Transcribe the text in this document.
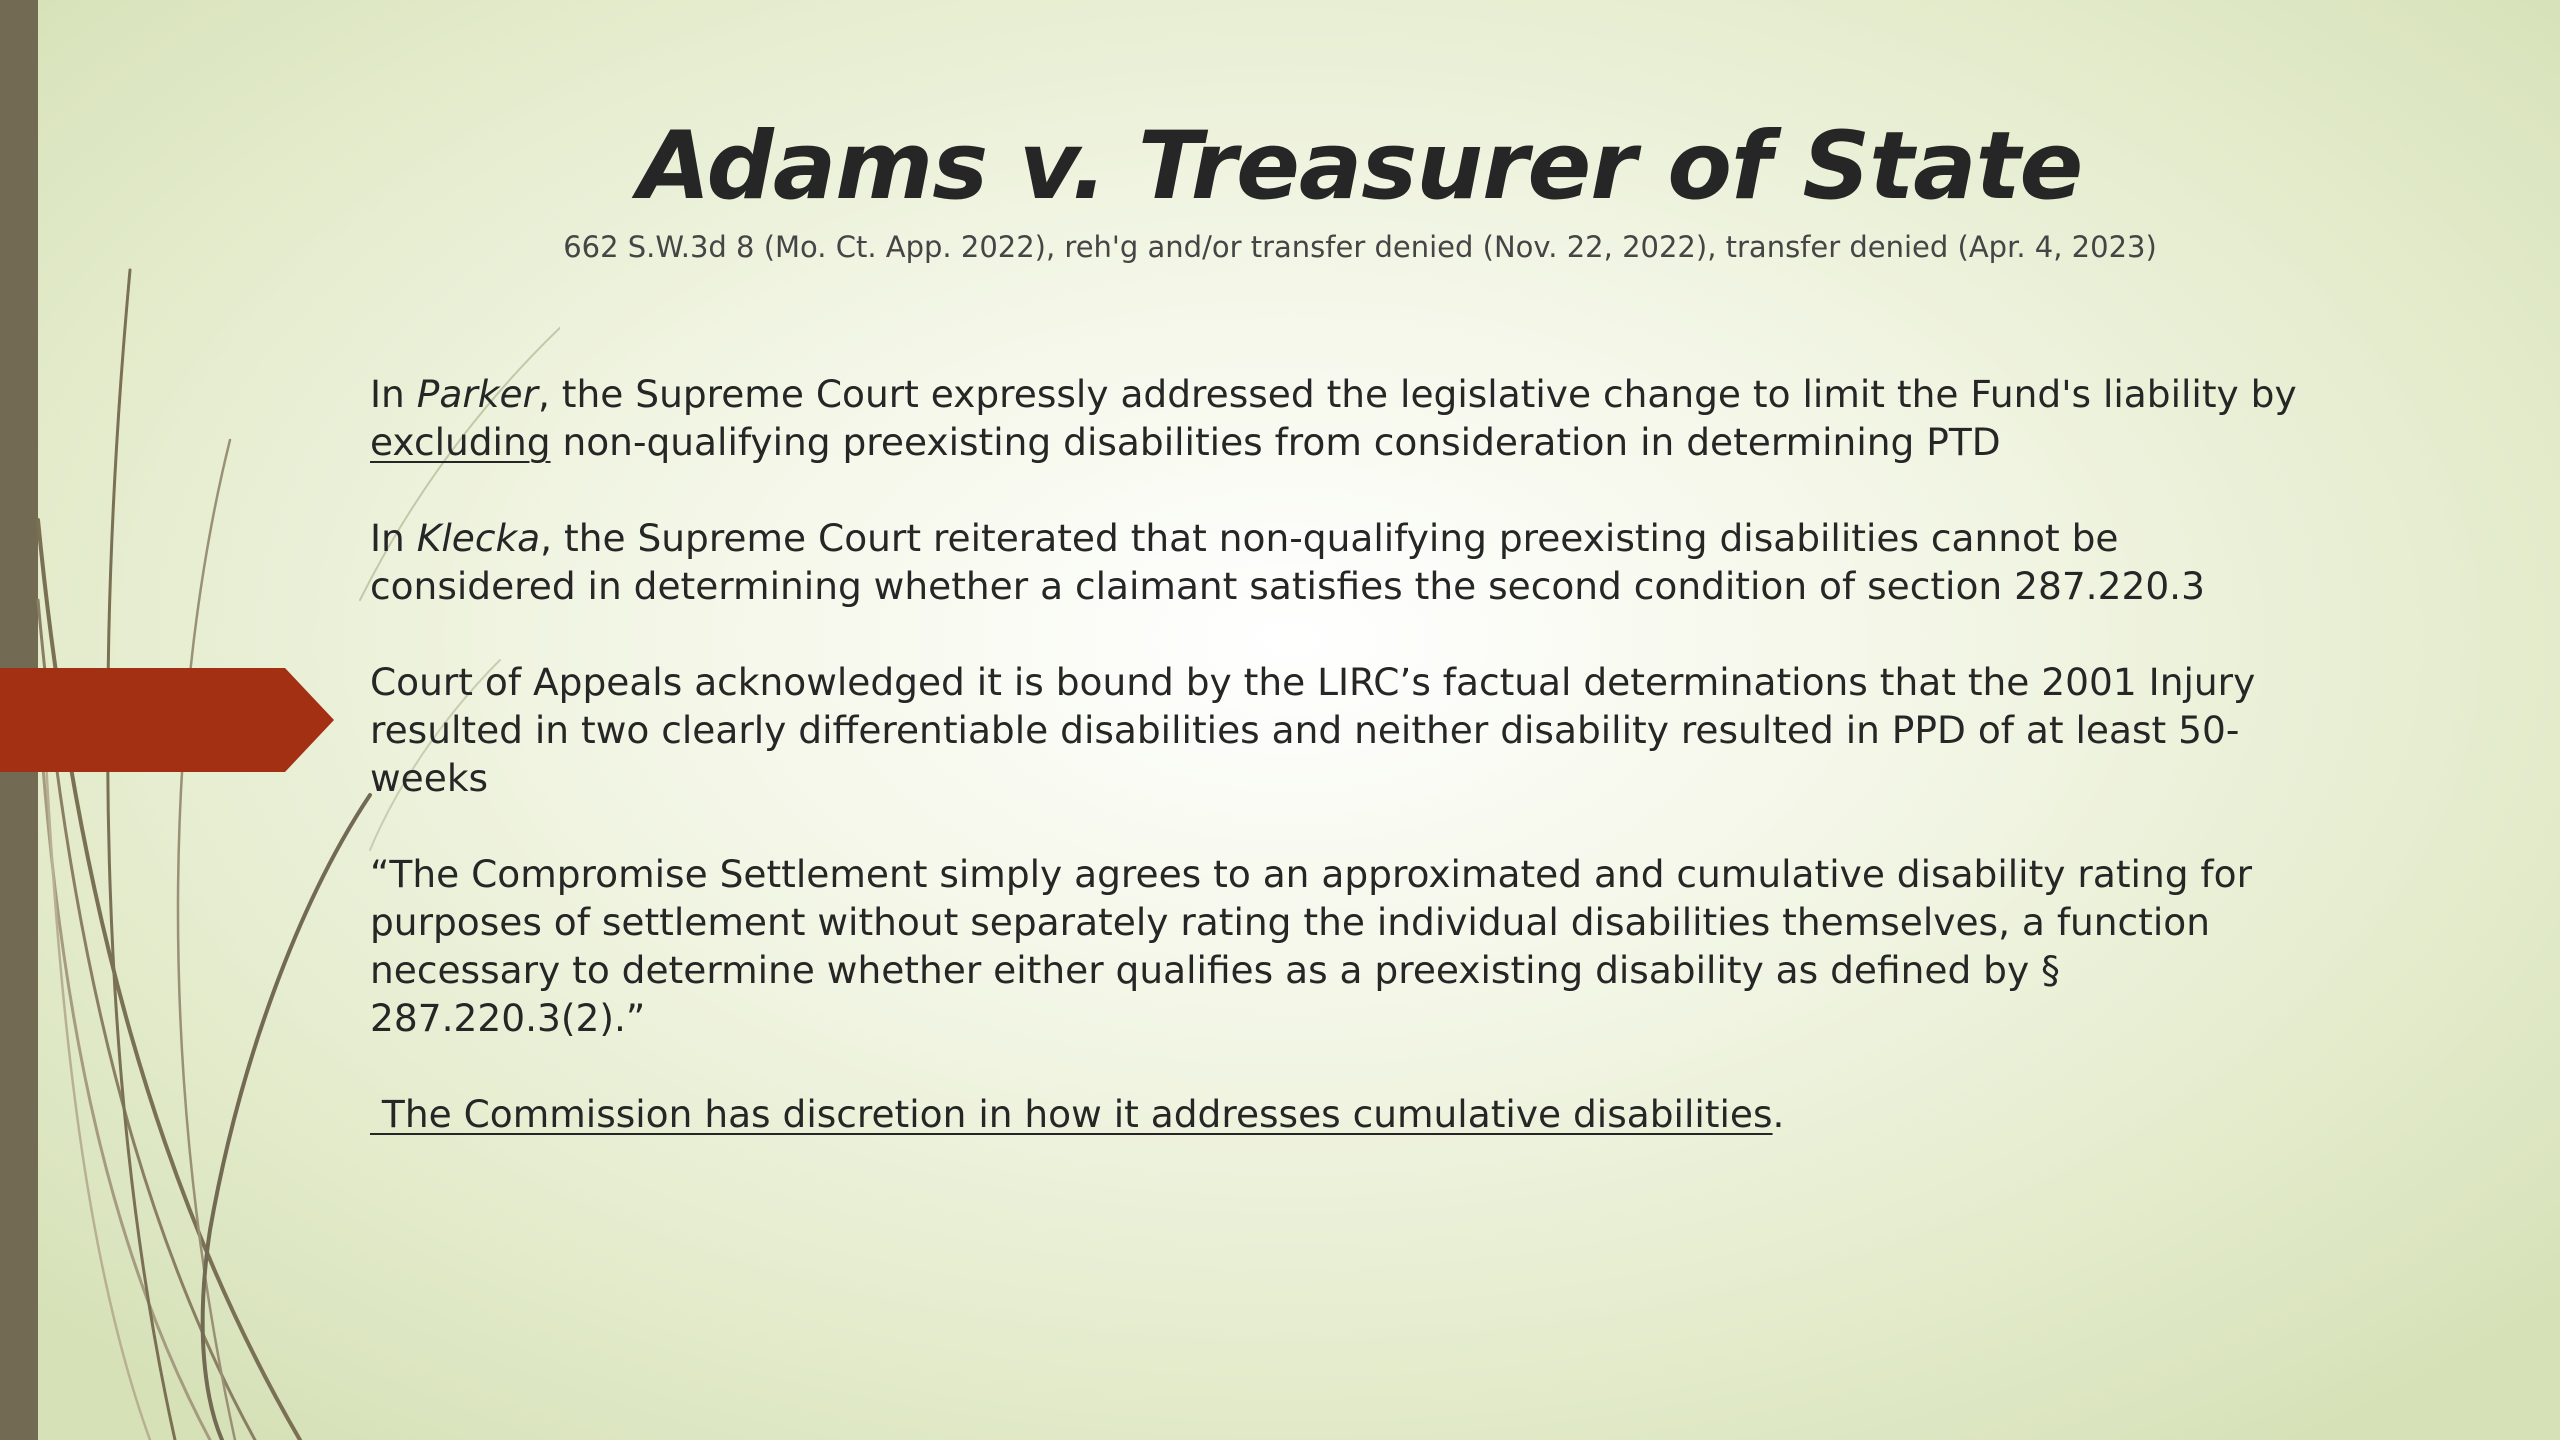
Adams v. Treasurer of State

662 S.W.3d 8 (Mo. Ct. App. 2022), reh'g and/or transfer denied (Nov. 22, 2022), transfer denied (Apr. 4, 2023)

In Parker, the Supreme Court expressly addressed the legislative change to limit the Fund's liability by excluding non-qualifying preexisting disabilities from consideration in determining PTD

In Klecka, the Supreme Court reiterated that non-qualifying preexisting disabilities cannot be considered in determining whether a claimant satisfies the second condition of section 287.220.3

Court of Appeals acknowledged it is bound by the LIRC’s factual determinations that the 2001 Injury resulted in two clearly differentiable disabilities and neither disability resulted in PPD of at least 50-weeks

“The Compromise Settlement simply agrees to an approximated and cumulative disability rating for purposes of settlement without separately rating the individual disabilities themselves, a function necessary to determine whether either qualifies as a preexisting disability as defined by § 287.220.3(2).”

The Commission has discretion in how it addresses cumulative disabilities.
